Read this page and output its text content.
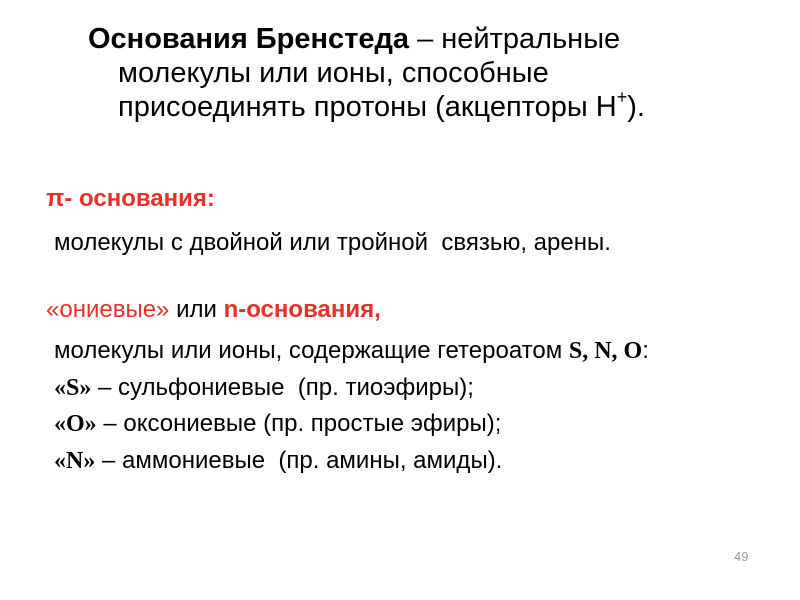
Основания Бренстеда – нейтральные
молекулы или ионы, способные
присоединять протоны (акцепторы Н+).
π- основания:
молекулы с двойной или тройной  связью, арены.
«ониевые» или n-основания,
молекулы или ионы, содержащие гетероатом S, N, O:
«S» – сульфониевые  (пр. тиоэфиры);
«O» – оксониевые (пр. простые эфиры);
«N» – аммониевые  (пр. амины, амиды).
49
